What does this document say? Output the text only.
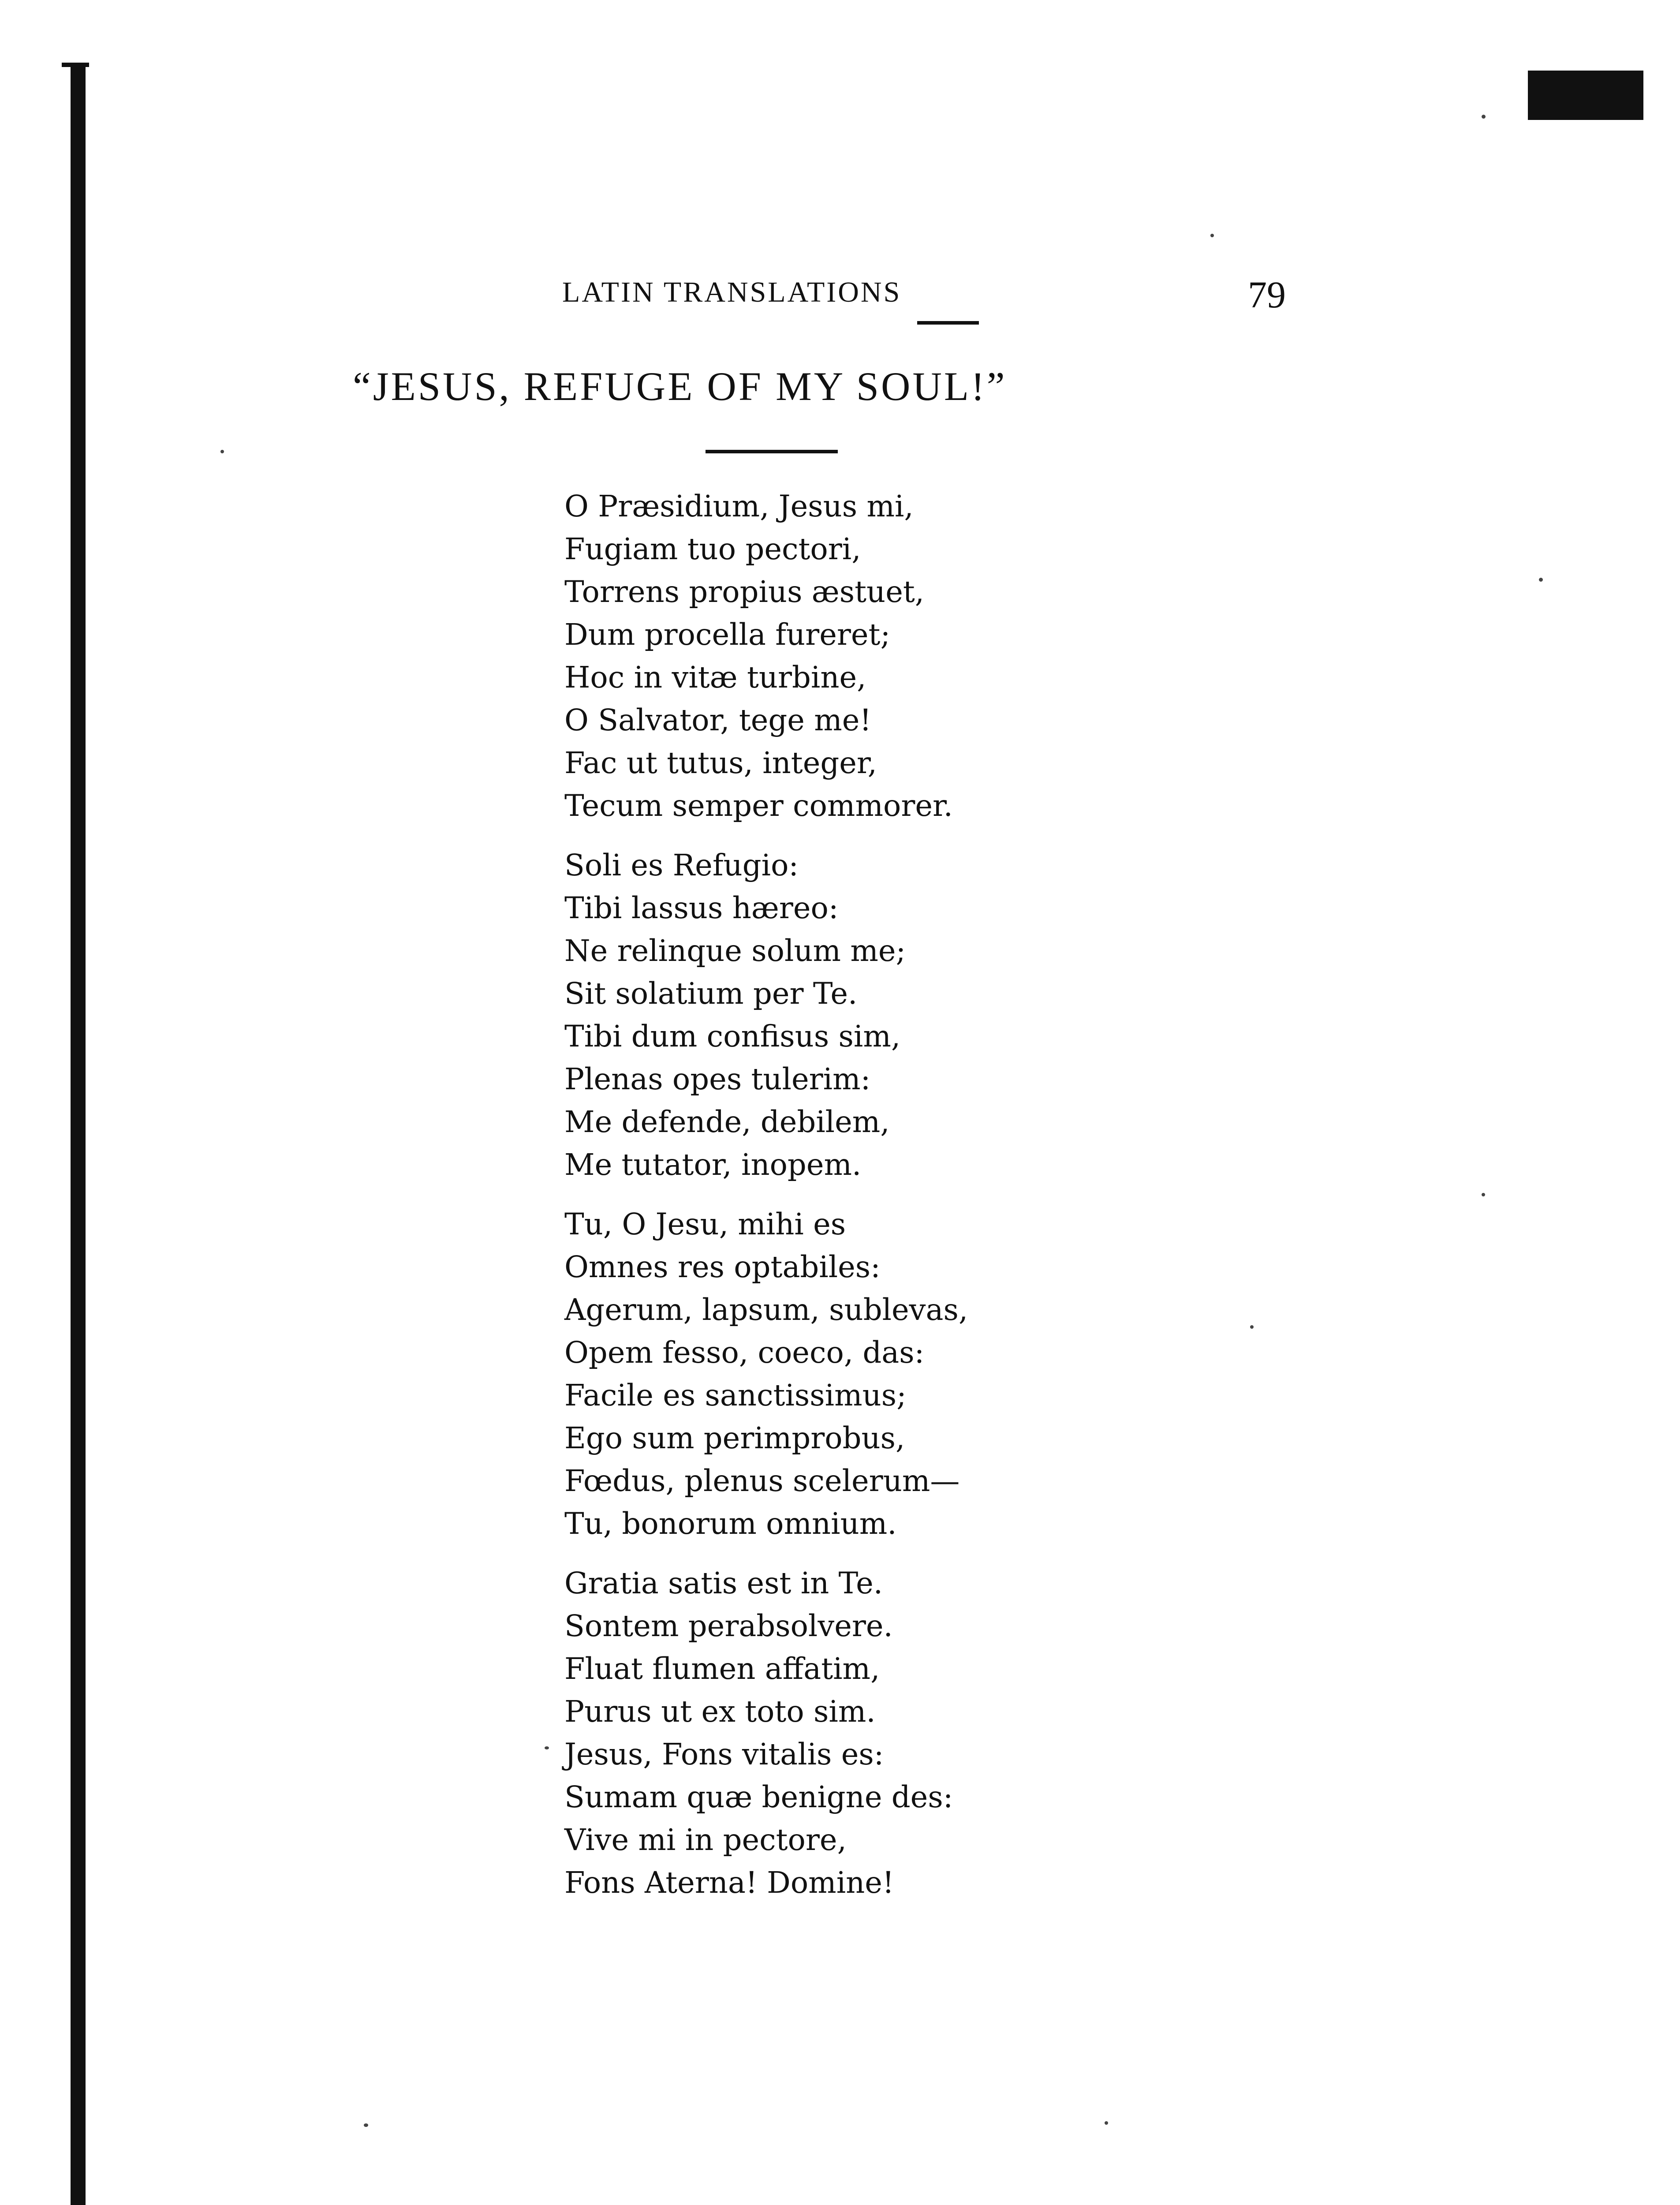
LATIN TRANSLATIONS	79
“JESUS, REFUGE OF MY SOUL!”
O Præsidium, Jesus mi,
Fugiam tuo pectori,
Torrens propius æstuet,
Dum procella fureret;
Hoc in vitæ turbine,
O Salvator, tege me!
Fac ut tutus, integer,
Tecum semper commorer.
Soli es Refugio:
Tibi lassus hæreo:
Ne relinque solum me;
Sit solatium per Te.
Tibi dum confisus sim,
Plenas opes tulerim:
Me defende, debilem,
Me tutator, inopem.
Tu, O Jesu, mihi es
Omnes res optabiles:
Agerum, lapsum, sublevas,
Opem fesso, coeco, das:
Facile es sanctissimus;
Ego sum perimprobus,
Fœdus, plenus scelerum—
Tu, bonorum omnium.
Gratia satis est in Te.
Sontem perabsolvere.
Fluat flumen affatim,
Purus ut ex toto sim.
Jesus, Fons vitalis es:
Sumam quæ benigne des:
Vive mi in pectore,
Fons Aterna! Domine!
